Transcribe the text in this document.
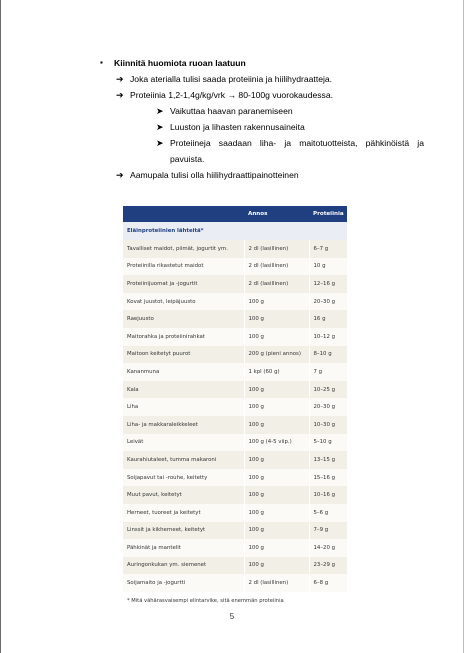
▪	Kiinnitä huomiota ruoan laatuun
➔ Joka aterialla tulisi saada proteiinia ja hiilihydraatteja.
➔ Proteiinia 1,2-1,4g/kg/vrk → 80-100g vuorokaudessa.
➤ Vaikuttaa haavan paranemiseen
➤ Luuston ja lihasten rakennusaineita
➤ Proteiineja saadaan liha- ja maitotuotteista, pähkinöistä ja pavuista.
➔ Aamupala tulisi olla hiilihydraattipainotteinen
	Annos	Proteiinia
Eläinproteiinien lähteitä*		
Tavalliset maidot, piimät, jogurtit ym.	2 dl (lasillinen)	6–7 g
Proteiinilla rikastetut maidot	2 dl (lasillinen)	10 g
Proteiinijuomat ja -jogurtit	2 dl (lasillinen)	12–16 g
Kovat juustot, leipäjuusto	100 g	20–30 g
Raejuusto	100 g	16 g
Maitorahka ja proteiinirahkat	100 g	10–12 g
Maitoon keitetyt puurot	200 g (pieni annos)	8–10 g
Kananmuna	1 kpl (60 g)	7 g
Kala	100 g	10–25 g
Liha	100 g	20–30 g
Liha- ja makkaraleikkeleet	100 g	10–30 g
Leivät	100 g (4-5 viip.)	5–10 g
Kaurahiutaleet, tumma makaroni	100 g	13–15 g
Soijapavut tai -rouhe, keitetty	100 g	15–16 g
Muut pavut, keitetyt	100 g	10–16 g
Herneet, tuoreet ja keitetyt	100 g	5–6 g
Linssit ja kikherneet, keitetyt	100 g	7–9 g
Pähkinät ja mantelit	100 g	14–20 g
Auringonkukan ym. siemenet	100 g	23–29 g
Soijamaito ja -jogurtti	2 dl (lasillinen)	6–8 g
* Mitä vähärasvaisempi elintarvike, sitä enemmän proteiinia		
5
